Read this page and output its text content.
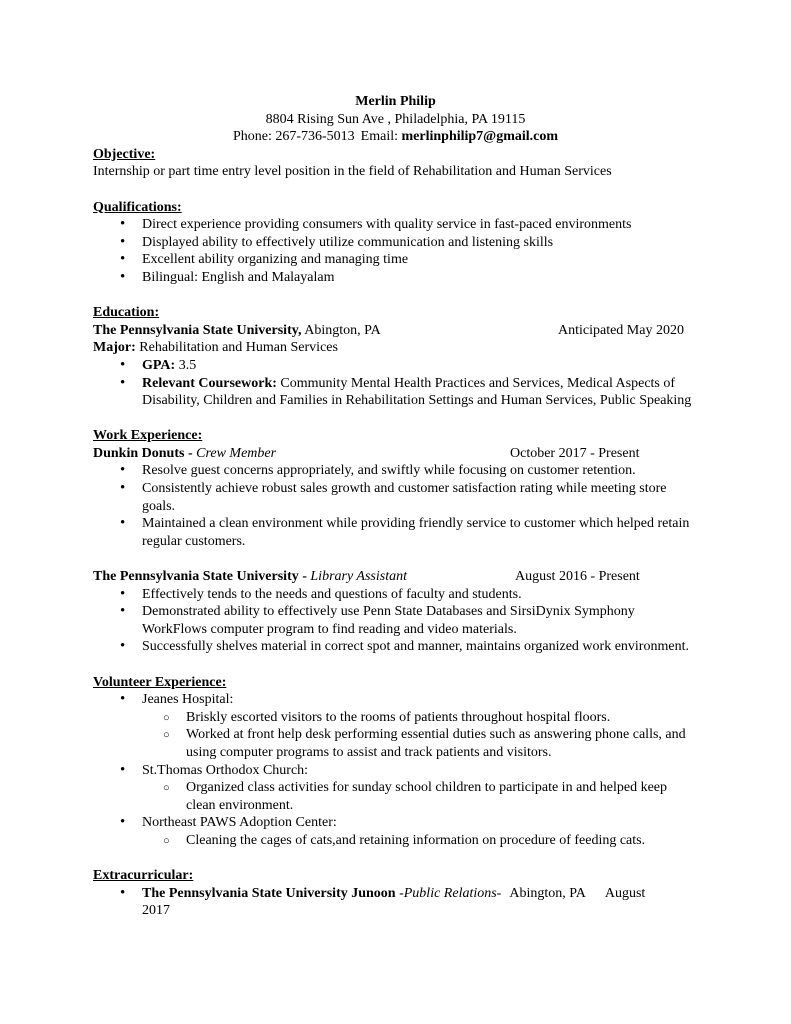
Merlin Philip

8804 Rising Sun Ave , Philadelphia, PA 19115

Phone: 267-736-5013 Email: merlinphilip7@gmail.com

Objective:

Internship or part time entry level position in the field of Rehabilitation and Human Services

Qualifications:

• Direct experience providing consumers with quality service in fast-paced environments
• Displayed ability to effectively utilize communication and listening skills
• Excellent ability organizing and managing time
• Bilingual: English and Malayalam

Education:

The Pennsylvania State University, Abington, PA	Anticipated May 2020

Major: Rehabilitation and Human Services

• GPA: 3.5
• Relevant Coursework: Community Mental Health Practices and Services, Medical Aspects of Disability, Children and Families in Rehabilitation Settings and Human Services, Public Speaking

Work Experience:

Dunkin Donuts - Crew Member	October 2017 - Present

• Resolve guest concerns appropriately, and swiftly while focusing on customer retention.
• Consistently achieve robust sales growth and customer satisfaction rating while meeting store goals.
• Maintained a clean environment while providing friendly service to customer which helped retain regular customers.

The Pennsylvania State University - Library Assistant	August 2016 - Present

• Effectively tends to the needs and questions of faculty and students.
• Demonstrated ability to effectively use Penn State Databases and SirsiDynix Symphony WorkFlows computer program to find reading and video materials.
• Successfully shelves material in correct spot and manner, maintains organized work environment.

Volunteer Experience:

• Jeanes Hospital:
○ Briskly escorted visitors to the rooms of patients throughout hospital floors.
○ Worked at front help desk performing essential duties such as answering phone calls, and using computer programs to assist and track patients and visitors.
• St.Thomas Orthodox Church:
○ Organized class activities for sunday school children to participate in and helped keep clean environment.
• Northeast PAWS Adoption Center:
○ Cleaning the cages of cats,and retaining information on procedure of feeding cats.

Extracurricular:

• The Pennsylvania State University Junoon -Public Relations- Abington, PA August
2017
